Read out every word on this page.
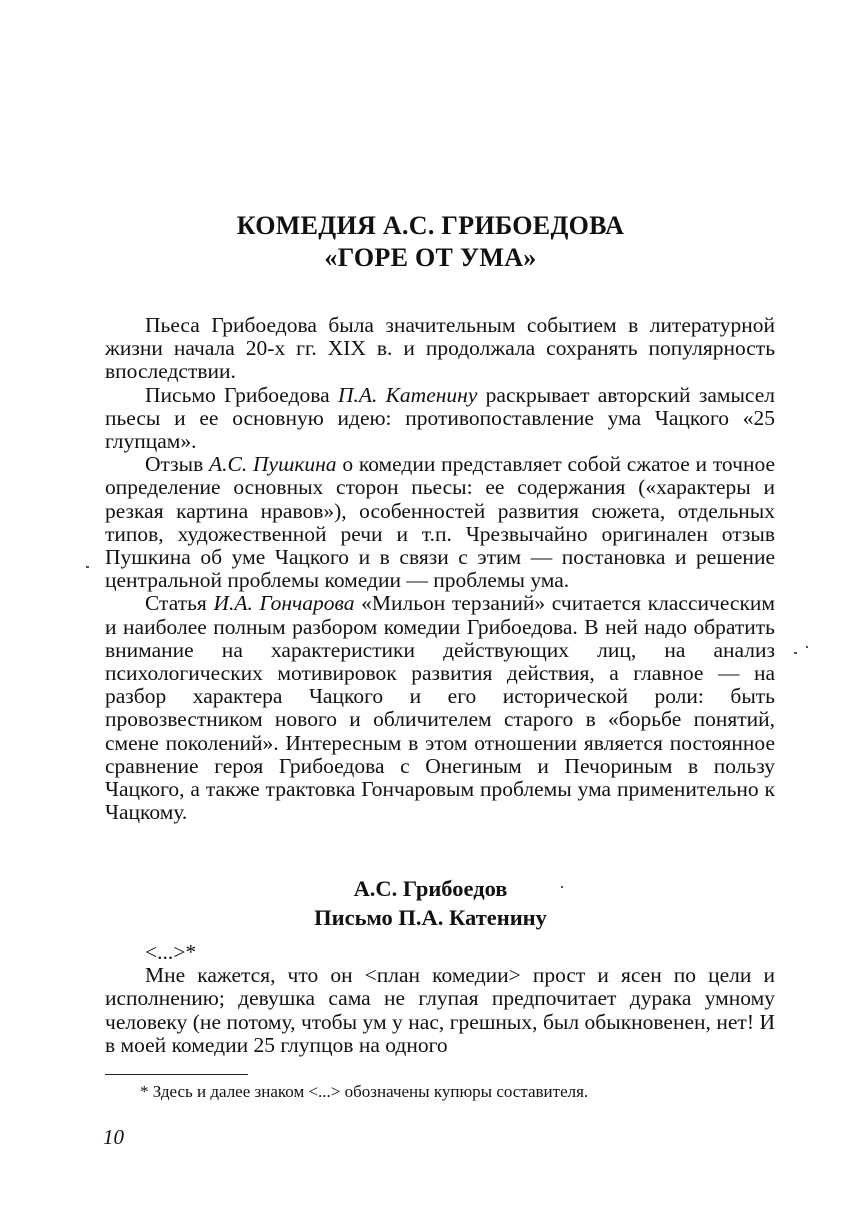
КОМЕДИЯ А.С. ГРИБОЕДОВА
«ГОРЕ ОТ УМА»

Пьеса Грибоедова была значительным событием в литературной жизни начала 20-х гг. XIX в. и продолжала сохранять популярность впоследствии.

Письмо Грибоедова П.А. Катенину раскрывает авторский замысел пьесы и ее основную идею: противопоставление ума Чацкого «25 глупцам».

Отзыв А.С. Пушкина о комедии представляет собой сжатое и точное определение основных сторон пьесы: ее содержания («характеры и резкая картина нравов»), особенностей развития сюжета, отдельных типов, художественной речи и т.п. Чрезвычайно оригинален отзыв Пушкина об уме Чацкого и в связи с этим — постановка и решение центральной проблемы комедии — проблемы ума.

Статья И.А. Гончарова «Мильон терзаний» считается классическим и наиболее полным разбором комедии Грибоедова. В ней надо обратить внимание на характеристики действующих лиц, на анализ психологических мотивировок развития действия, а главное — на разбор характера Чацкого и его исторической роли: быть провозвестником нового и обличителем старого в «борьбе понятий, смене поколений». Интересным в этом отношении является постоянное сравнение героя Грибоедова с Онегиным и Печориным в пользу Чацкого, а также трактовка Гончаровым проблемы ума применительно к Чацкому.

А.С. Грибоедов
Письмо П.А. Катенину

<...>*

Мне кажется, что он <план комедии> прост и ясен по цели и исполнению; девушка сама не глупая предпочитает дурака умному человеку (не потому, чтобы ум у нас, грешных, был обыкновенен, нет! И в моей комедии 25 глупцов на одного

* Здесь и далее знаком <...> обозначены купюры составителя.
10
